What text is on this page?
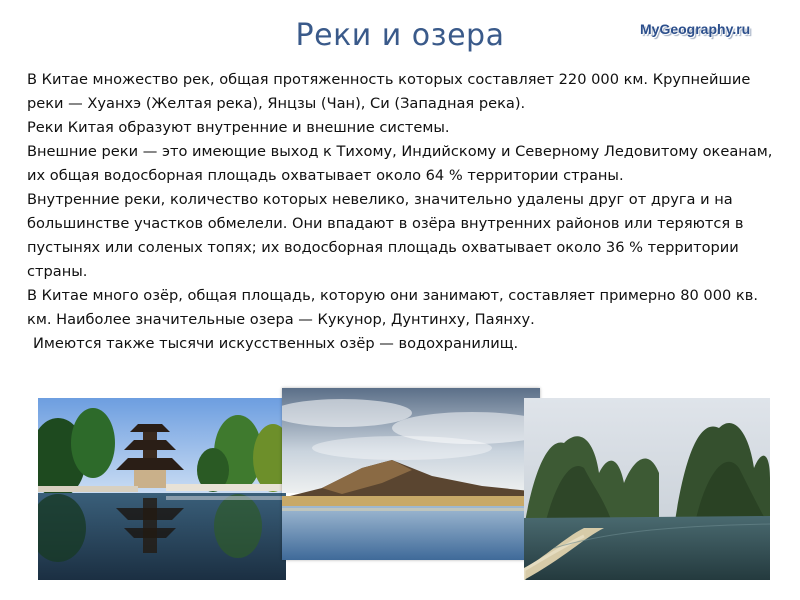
Реки и озера	MyGeography.ru

В Китае множество рек, общая протяженность которых составляет 220 000 км. Крупнейшие реки — Хуанхэ (Желтая река), Янцзы (Чан), Си (Западная река).

Реки Китая образуют внутренние и внешние системы.

Внешние реки — это имеющие выход к Тихому, Индийскому и Северному Ледовитому океанам, их общая водосборная площадь охватывает около 64 % территории страны.

Внутренние реки, количество которых невелико, значительно удалены друг от друга и на большинстве участков обмелели. Они впадают в озёра внутренних районов или теряются в пустынях или соленых топях; их водосборная площадь охватывает около 36 % территории страны.

В Китае много озёр, общая площадь, которую они занимают, составляет примерно 80 000 кв. км. Наиболее значительные озера — Кукунор, Дунтинху, Паянху.

Имеются также тысячи искусственных озёр — водохранилищ.
